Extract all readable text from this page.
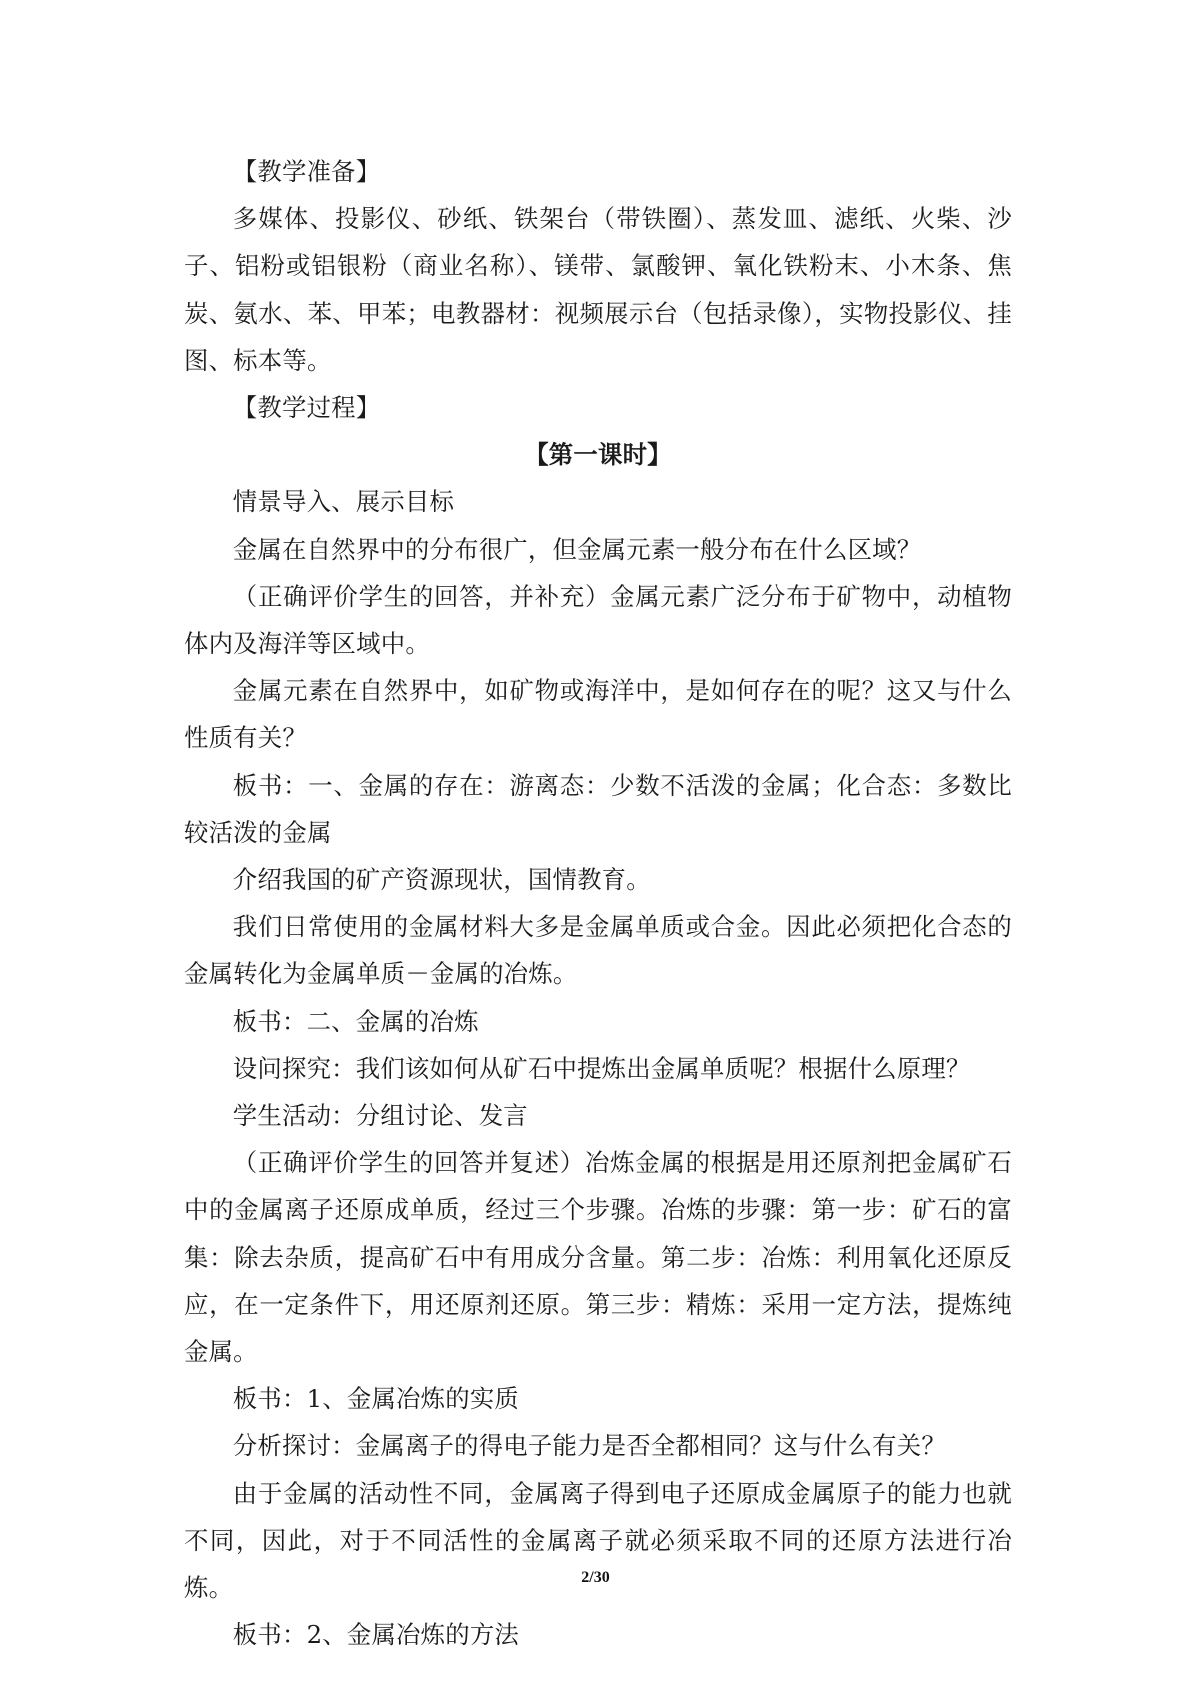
【教学准备】

多媒体、投影仪、砂纸、铁架台（带铁圈）、蒸发皿、滤纸、火柴、沙子、铝粉或铝银粉（商业名称）、镁带、氯酸钾、氧化铁粉末、小木条、焦炭、氨水、苯、甲苯；电教器材：视频展示台（包括录像），实物投影仪、挂图、标本等。

【教学过程】

【第一课时】

情景导入、展示目标

金属在自然界中的分布很广，但金属元素一般分布在什么区域？

（正确评价学生的回答，并补充）金属元素广泛分布于矿物中，动植物体内及海洋等区域中。

金属元素在自然界中，如矿物或海洋中，是如何存在的呢？这又与什么性质有关？

板书：一、金属的存在：游离态：少数不活泼的金属；化合态：多数比较活泼的金属

介绍我国的矿产资源现状，国情教育。

我们日常使用的金属材料大多是金属单质或合金。因此必须把化合态的金属转化为金属单质－金属的冶炼。

板书：二、金属的冶炼

设问探究：我们该如何从矿石中提炼出金属单质呢？根据什么原理？

学生活动：分组讨论、发言

（正确评价学生的回答并复述）冶炼金属的根据是用还原剂把金属矿石中的金属离子还原成单质，经过三个步骤。冶炼的步骤：第一步：矿石的富集：除去杂质，提高矿石中有用成分含量。第二步：冶炼：利用氧化还原反应，在一定条件下，用还原剂还原。第三步：精炼：采用一定方法，提炼纯金属。

板书：1、金属冶炼的实质

分析探讨：金属离子的得电子能力是否全都相同？这与什么有关？

由于金属的活动性不同，金属离子得到电子还原成金属原子的能力也就不同，因此，对于不同活性的金属离子就必须采取不同的还原方法进行冶炼。

板书：2、金属冶炼的方法

2/30
